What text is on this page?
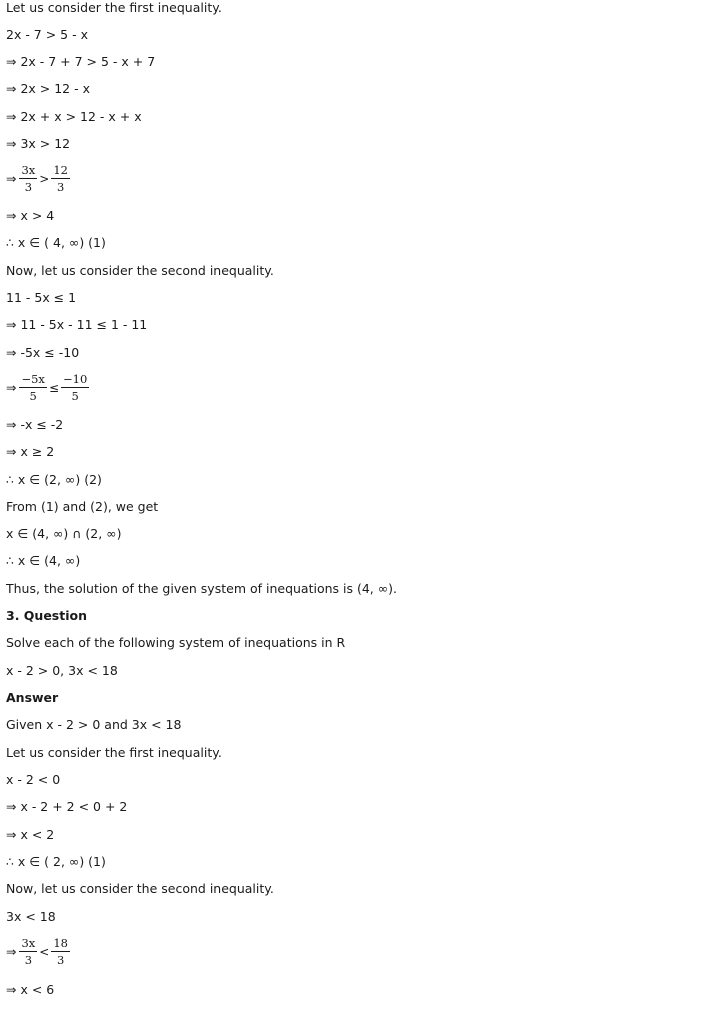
Let us consider the first inequality.
2x - 7 > 5 - x
⇒ 2x - 7 + 7 > 5 - x + 7
⇒ 2x > 12 - x
⇒ 2x + x > 12 - x + x
⇒ 3x > 12
⇒ $\frac{3x}{3} > \frac{12}{3}$
⇒ x > 4
∴ x ∈ ( 4, ∞) (1)
Now, let us consider the second inequality.
11 - 5x ≤ 1
⇒ 11 - 5x - 11 ≤ 1 - 11
⇒ -5x ≤ -10
⇒ $\frac{-5x}{5} \le \frac{-10}{5}$
⇒ -x ≤ -2
⇒ x ≥ 2
∴ x ∈ (2, ∞) (2)
From (1) and (2), we get
x ∈ (4, ∞) ∩ (2, ∞)
∴ x ∈ (4, ∞)
Thus, the solution of the given system of inequations is (4, ∞).
3. Question
Solve each of the following system of inequations in R
x - 2 > 0, 3x < 18
Answer
Given x - 2 > 0 and 3x < 18
Let us consider the first inequality.
x - 2 < 0
⇒ x - 2 + 2 < 0 + 2
⇒ x < 2
∴ x ∈ ( 2, ∞) (1)
Now, let us consider the second inequality.
3x < 18
⇒ $\frac{3x}{3} < \frac{18}{3}$
⇒ x < 6
